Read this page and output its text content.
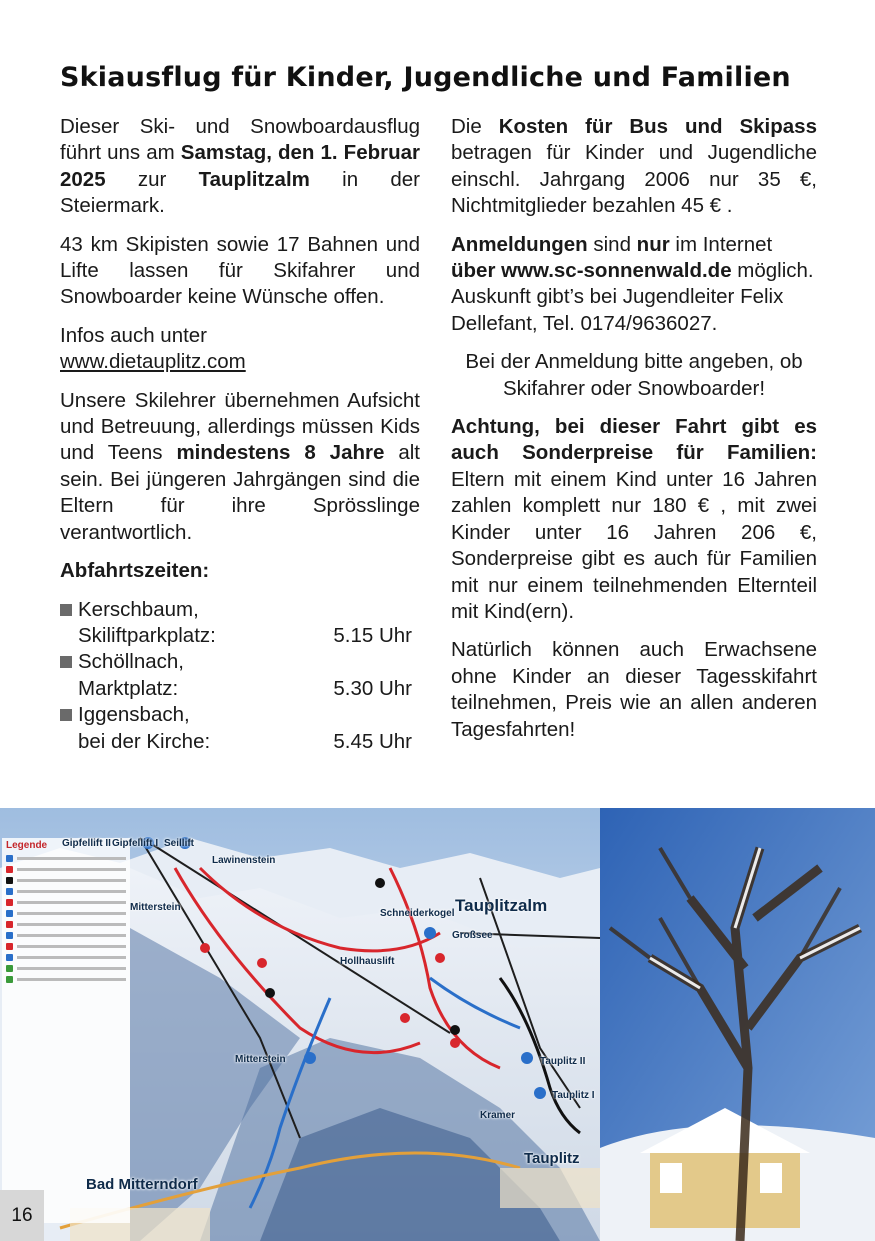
Skiausflug für Kinder, Jugendliche und Familien

Dieser Ski- und Snowboardausflug führt uns am Samstag, den 1. Februar 2025 zur Tauplitzalm in der Steiermark.

43 km Skipisten sowie 17 Bahnen und Lifte lassen für Skifahrer und Snowboarder keine Wünsche offen.

Infos auch unter
www.dietauplitz.com

Unsere Skilehrer übernehmen Aufsicht und Betreuung, allerdings müssen Kids und Teens mindestens 8 Jahre alt sein. Bei jüngeren Jahrgängen sind die Eltern für ihre Sprösslinge verantwortlich.

Abfahrtszeiten:

Kerschbaum,
Skiliftparkplatz:	5.15 Uhr
Schöllnach,
Marktplatz:	5.30 Uhr
Iggensbach,
bei der Kirche:	5.45 Uhr

Die Kosten für Bus und Skipass betragen für Kinder und Jugendliche einschl. Jahrgang 2006 nur 35 €, Nichtmitglieder bezahlen 45 € .

Anmeldungen sind nur im Internet über www.sc-sonnenwald.de möglich. Auskunft gibt’s bei Jugendleiter Felix Dellefant, Tel. 0174/9636027.

Bei der Anmeldung bitte angeben, ob Skifahrer oder Snowboarder!

Achtung, bei dieser Fahrt gibt es auch Sonderpreise für Familien: Eltern mit einem Kind unter 16 Jahren zahlen komplett nur 180 € , mit zwei Kinder unter 16 Jahren 206 €, Sonderpreise gibt es auch für Familien mit nur einem teilnehmenden Elternteil mit Kind(ern).

Natürlich können auch Erwachsene ohne Kinder an dieser Tagesskifahrt teilnehmen, Preis wie an allen anderen Tagesfahrten!

Legende	Gipfellift II Gipfellift I Seillift
Lawinenstein
Mitterstein
Schneiderkogel Tauplitzalm
Großsee
Hollhauslift
Mitterstein	Tauplitz II
Tauplitz I
Kramer
Tauplitz
Bad Mitterndorf
16
